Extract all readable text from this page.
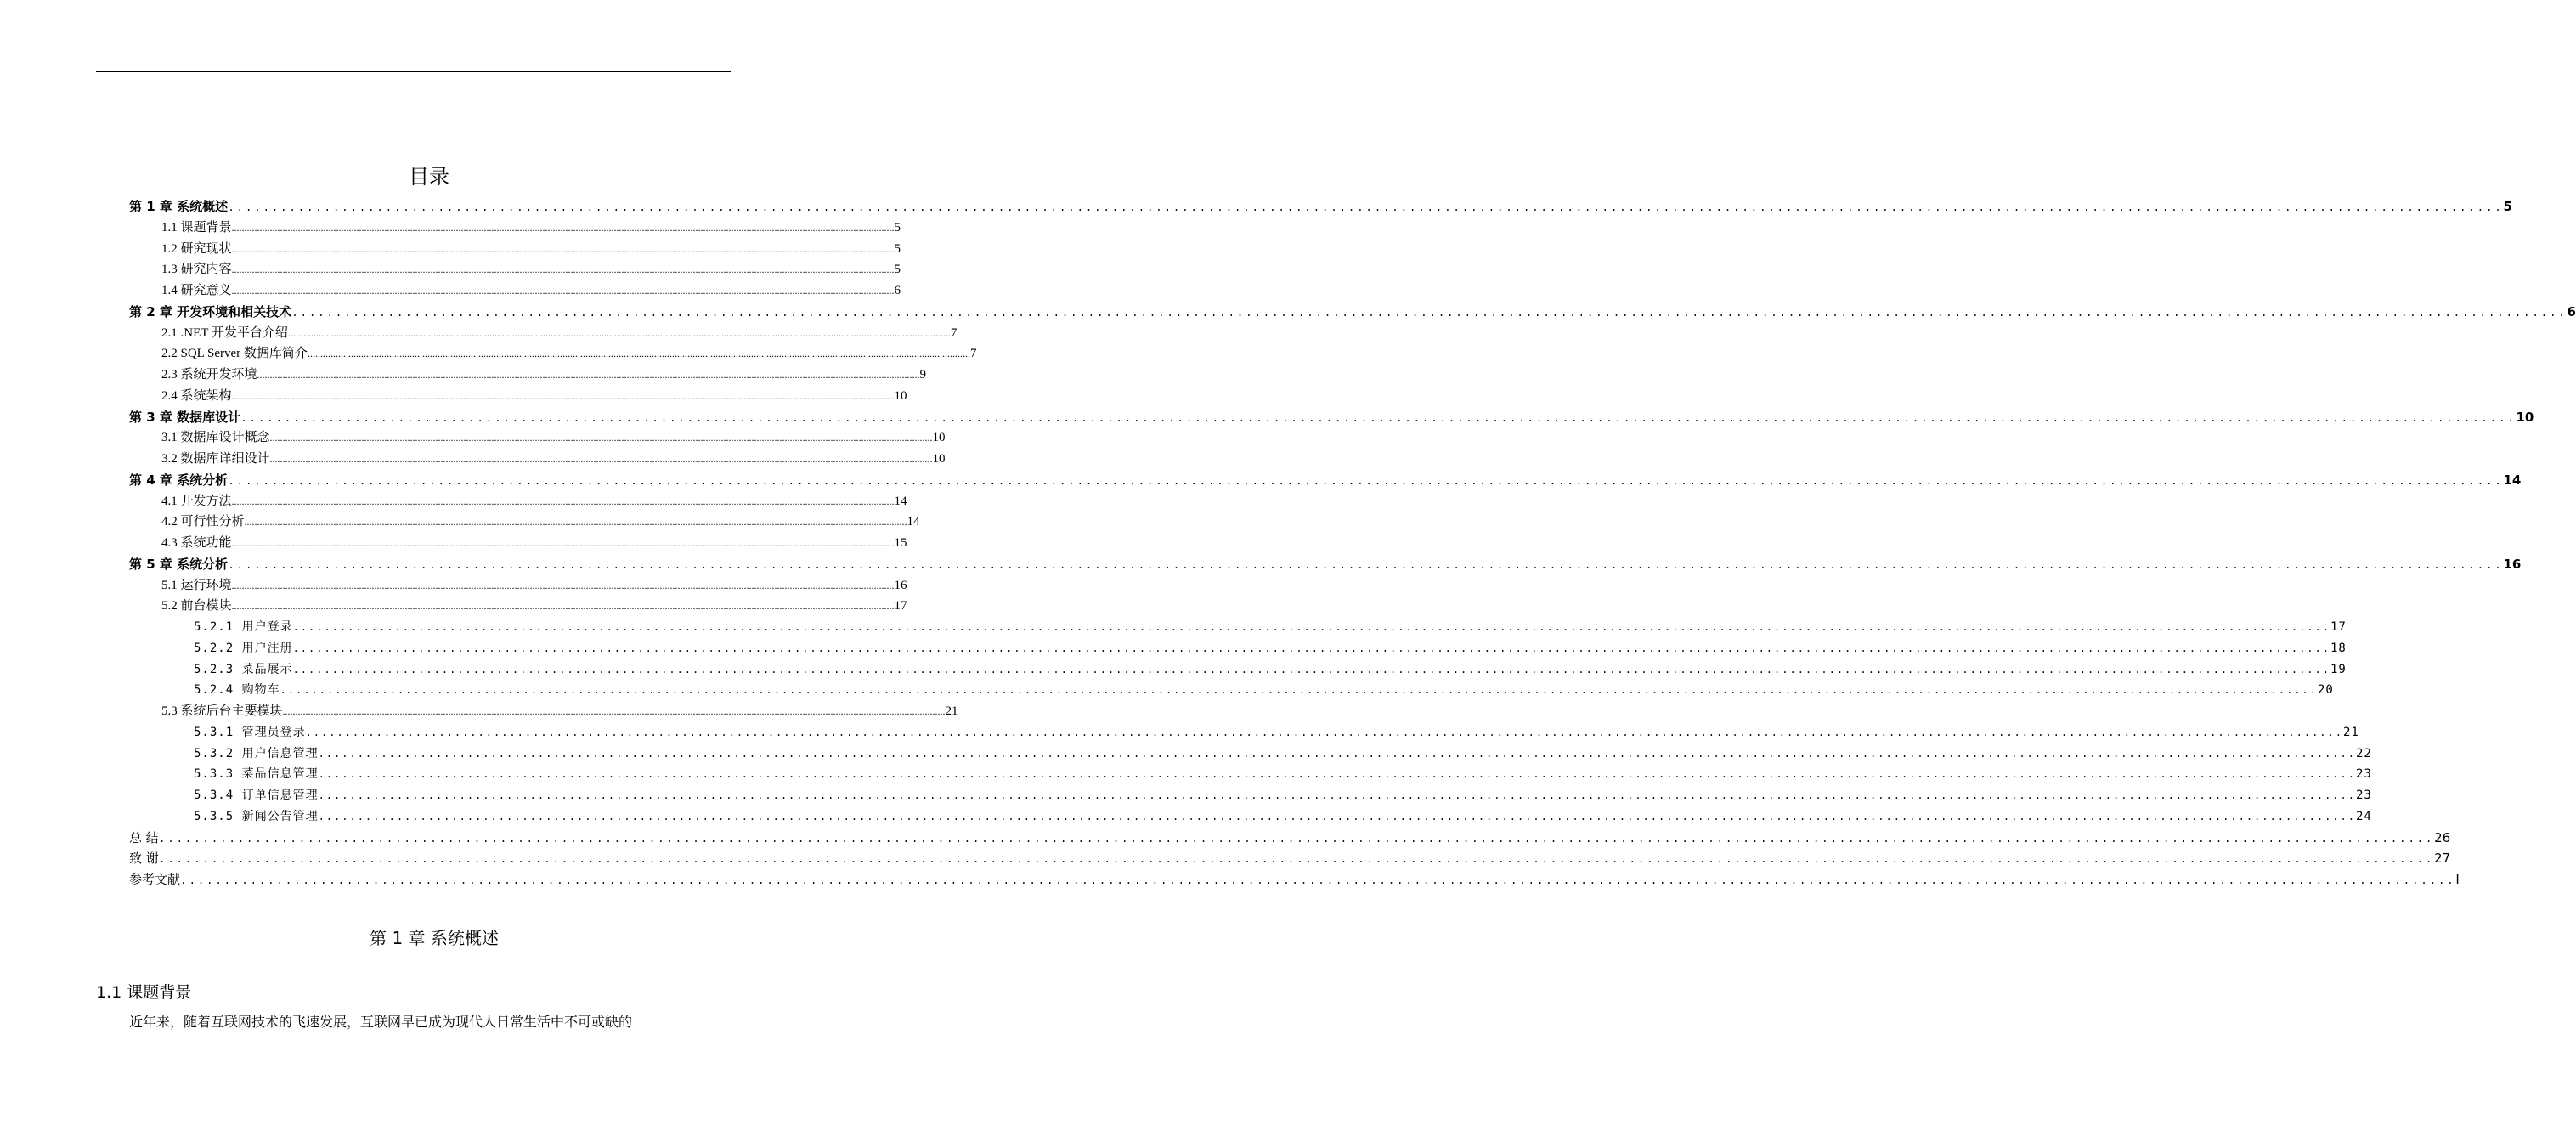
目录
第 1 章 系统概述 .................................................................................................................................................................................................................................................................... 5
1.1 课题背景 .................................................................................................................................................................................................................................................................... 5
1.2 研究现状 .................................................................................................................................................................................................................................................................... 5
1.3 研究内容 .................................................................................................................................................................................................................................................................... 5
1.4 研究意义 .................................................................................................................................................................................................................................................................... 6
第 2 章 开发环境和相关技术 .................................................................................................................................................................................................................................................................... 6
2.1 .NET 开发平台介绍 .................................................................................................................................................................................................................................................................... 7
2.2 SQL Server 数据库简介 .................................................................................................................................................................................................................................................................... 7
2.3 系统开发环境 .................................................................................................................................................................................................................................................................... 9
2.4 系统架构 .................................................................................................................................................................................................................................................................... 10
第 3 章 数据库设计 .................................................................................................................................................................................................................................................................... 10
3.1 数据库设计概念 .................................................................................................................................................................................................................................................................... 10
3.2 数据库详细设计 .................................................................................................................................................................................................................................................................... 10
第 4 章 系统分析 .................................................................................................................................................................................................................................................................... 14
4.1 开发方法 .................................................................................................................................................................................................................................................................... 14
4.2 可行性分析 .................................................................................................................................................................................................................................................................... 14
4.3 系统功能 .................................................................................................................................................................................................................................................................... 15
第 5 章 系统分析 .................................................................................................................................................................................................................................................................... 16
5.1 运行环境 .................................................................................................................................................................................................................................................................... 16
5.2 前台模块 .................................................................................................................................................................................................................................................................... 17
5.2.1 用户登录 .................................................................................................................................................................................................................................................................... 17
5.2.2 用户注册 .................................................................................................................................................................................................................................................................... 18
5.2.3 菜品展示 .................................................................................................................................................................................................................................................................... 19
5.2.4 购物车 .................................................................................................................................................................................................................................................................... 20
5.3 系统后台主要模块 .................................................................................................................................................................................................................................................................... 21
5.3.1 管理员登录 .................................................................................................................................................................................................................................................................... 21
5.3.2 用户信息管理 .................................................................................................................................................................................................................................................................... 22
5.3.3 菜品信息管理 .................................................................................................................................................................................................................................................................... 23
5.3.4 订单信息管理 .................................................................................................................................................................................................................................................................... 23
5.3.5 新闻公告管理 .................................................................................................................................................................................................................................................................... 24
总 结 .................................................................................................................................................................................................................................................................... 26
致 谢 .................................................................................................................................................................................................................................................................... 27
参考文献 .................................................................................................................................................................................................................................................................... I
第 1 章 系统概述
1.1 课题背景
近年来，随着互联网技术的飞速发展，互联网早已成为现代人日常生活中不可或缺的
